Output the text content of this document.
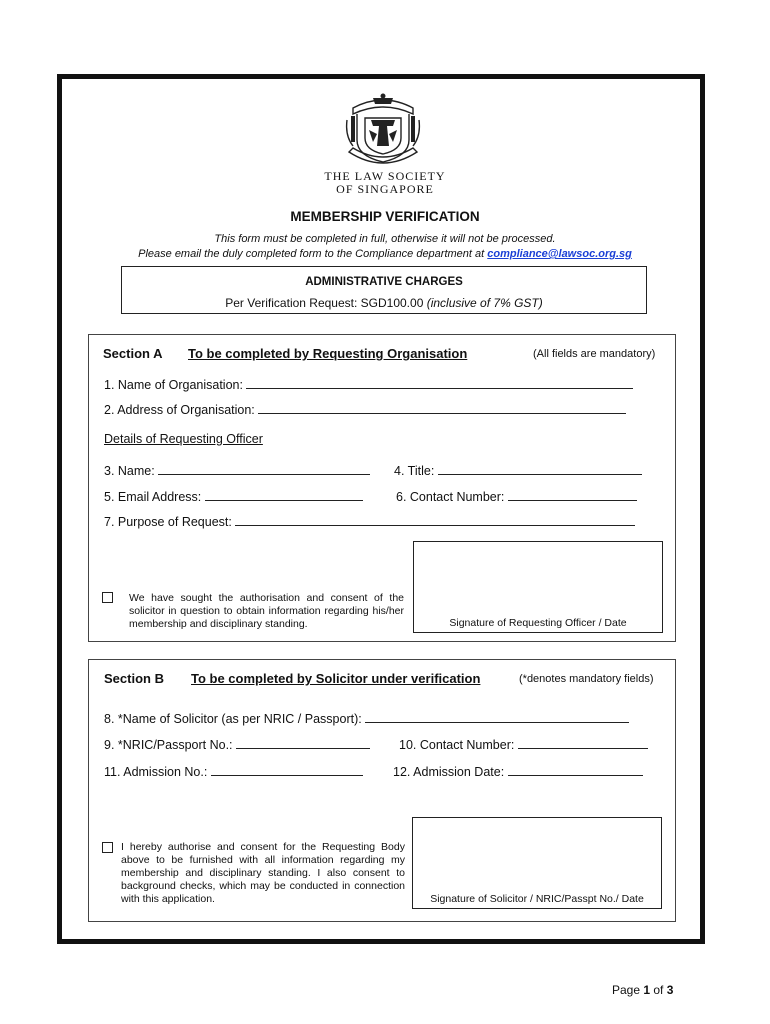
THE LAW SOCIETY
OF SINGAPORE
MEMBERSHIP VERIFICATION
This form must be completed in full, otherwise it will not be processed.
Please email the duly completed form to the Compliance department at compliance@lawsoc.org.sg
ADMINISTRATIVE CHARGES
Per Verification Request: SGD100.00 (inclusive of 7% GST)
Section A To be completed by Requesting Organisation	(All fields are mandatory)
1. Name of Organisation:
2. Address of Organisation:
Details of Requesting Officer
3. Name:	4. Title:
5. Email Address:	6. Contact Number:
7. Purpose of Request:
We have sought the authorisation and consent of the solicitor in question to obtain information regarding his/her membership and disciplinary standing.	Signature of Requesting Officer / Date
Section B To be completed by Solicitor under verification	(*denotes mandatory fields)
8. *Name of Solicitor (as per NRIC / Passport):
9. *NRIC/Passport No.:	10. Contact Number:
11. Admission No.:	12. Admission Date:
I hereby authorise and consent for the Requesting Body above to be furnished with all information regarding my membership and disciplinary standing. I also consent to background checks, which may be conducted in connection with this application.	Signature of Solicitor / NRIC/Passpt No./ Date
Page 1 of 3
